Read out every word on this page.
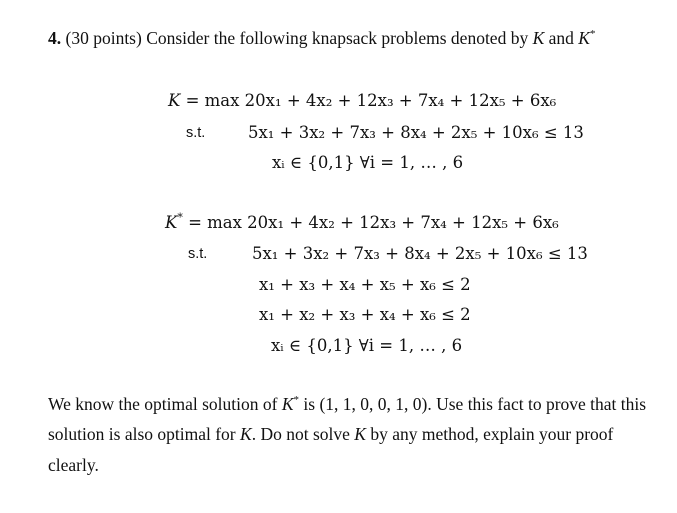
4. (30 points) Consider the following knapsack problems denoted by K and K*
K = max 20x₁ + 4x₂ + 12x₃ + 7x₄ + 12x₅ + 6x₆
s.t.	5x₁ + 3x₂ + 7x₃ + 8x₄ + 2x₅ + 10x₆ ≤ 13
xᵢ ∈ {0,1} ∀i = 1, … , 6
K* = max 20x₁ + 4x₂ + 12x₃ + 7x₄ + 12x₅ + 6x₆
s.t.	5x₁ + 3x₂ + 7x₃ + 8x₄ + 2x₅ + 10x₆ ≤ 13
x₁ + x₃ + x₄ + x₅ + x₆ ≤ 2
x₁ + x₂ + x₃ + x₄ + x₆ ≤ 2
xᵢ ∈ {0,1} ∀i = 1, … , 6
We know the optimal solution of K* is (1, 1, 0, 0, 1, 0). Use this fact to prove that this
solution is also optimal for K. Do not solve K by any method, explain your proof
clearly.
